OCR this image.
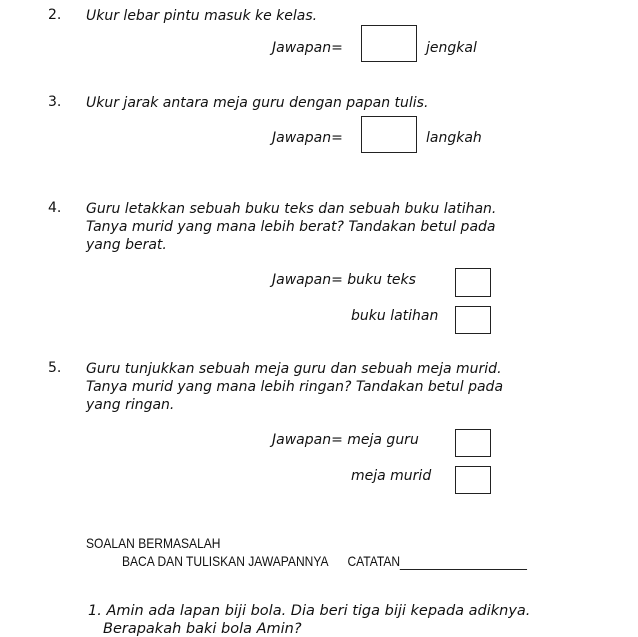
2. Ukur lebar pintu masuk ke kelas.
Jawapan=	jengkal
3. Ukur jarak antara meja guru dengan papan tulis.
Jawapan=	langkah
4. Guru letakkan sebuah buku teks dan sebuah buku latihan.
Tanya murid yang mana lebih berat? Tandakan betul pada
yang berat.
Jawapan= buku teks
buku latihan
5. Guru tunjukkan sebuah meja guru dan sebuah meja murid.
Tanya murid yang mana lebih ringan? Tandakan betul pada
yang ringan.
Jawapan= meja guru
meja murid
SOALAN BERMASALAH
BACA DAN TULISKAN JAWAPANNYA CATATAN
1. Amin ada lapan biji bola. Dia beri tiga biji kepada adiknya.
Berapakah baki bola Amin?
